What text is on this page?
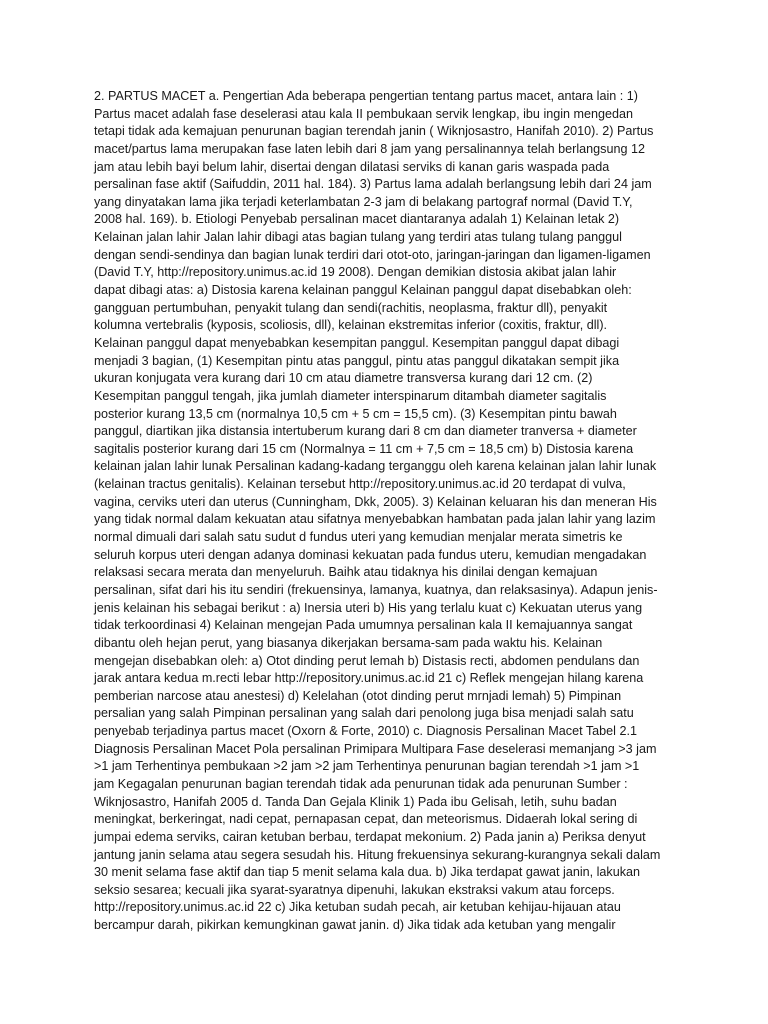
2. PARTUS MACET a. Pengertian Ada beberapa pengertian tentang partus macet, antara lain : 1)
Partus macet adalah fase deselerasi atau kala II pembukaan servik lengkap, ibu ingin mengedan
tetapi tidak ada kemajuan penurunan bagian terendah janin ( Wiknjosastro, Hanifah 2010). 2) Partus
macet/partus lama merupakan fase laten lebih dari 8 jam yang persalinannya telah berlangsung 12
jam atau lebih bayi belum lahir, disertai dengan dilatasi serviks di kanan garis waspada pada
persalinan fase aktif (Saifuddin, 2011 hal. 184). 3) Partus lama adalah berlangsung lebih dari 24 jam
yang dinyatakan lama jika terjadi keterlambatan 2-3 jam di belakang partograf normal (David T.Y,
2008 hal. 169). b. Etiologi Penyebab persalinan macet diantaranya adalah 1) Kelainan letak 2)
Kelainan jalan lahir Jalan lahir dibagi atas bagian tulang yang terdiri atas tulang tulang panggul
dengan sendi-sendinya dan bagian lunak terdiri dari otot-oto, jaringan-jaringan dan ligamen-ligamen
(David T.Y, http://repository.unimus.ac.id 19 2008). Dengan demikian distosia akibat jalan lahir
dapat dibagi atas: a) Distosia karena kelainan panggul Kelainan panggul dapat disebabkan oleh:
gangguan pertumbuhan, penyakit tulang dan sendi(rachitis, neoplasma, fraktur dll), penyakit
kolumna vertebralis (kyposis, scoliosis, dll), kelainan ekstremitas inferior (coxitis, fraktur, dll).
Kelainan panggul dapat menyebabkan kesempitan panggul. Kesempitan panggul dapat dibagi
menjadi 3 bagian, (1) Kesempitan pintu atas panggul, pintu atas panggul dikatakan sempit jika
ukuran konjugata vera kurang dari 10 cm atau diametre transversa kurang dari 12 cm. (2)
Kesempitan panggul tengah, jika jumlah diameter interspinarum ditambah diameter sagitalis
posterior kurang 13,5 cm (normalnya 10,5 cm + 5 cm = 15,5 cm). (3) Kesempitan pintu bawah
panggul, diartikan jika distansia intertuberum kurang dari 8 cm dan diameter tranversa + diameter
sagitalis posterior kurang dari 15 cm (Normalnya = 11 cm + 7,5 cm = 18,5 cm) b) Distosia karena
kelainan jalan lahir lunak Persalinan kadang-kadang terganggu oleh karena kelainan jalan lahir lunak
(kelainan tractus genitalis). Kelainan tersebut http://repository.unimus.ac.id 20 terdapat di vulva,
vagina, cerviks uteri dan uterus (Cunningham, Dkk, 2005). 3) Kelainan keluaran his dan meneran His
yang tidak normal dalam kekuatan atau sifatnya menyebabkan hambatan pada jalan lahir yang lazim
normal dimuali dari salah satu sudut d fundus uteri yang kemudian menjalar merata simetris ke
seluruh korpus uteri dengan adanya dominasi kekuatan pada fundus uteru, kemudian mengadakan
relaksasi secara merata dan menyeluruh. Baihk atau tidaknya his dinilai dengan kemajuan
persalinan, sifat dari his itu sendiri (frekuensinya, lamanya, kuatnya, dan relaksasinya). Adapun jenis-
jenis kelainan his sebagai berikut : a) Inersia uteri b) His yang terlalu kuat c) Kekuatan uterus yang
tidak terkoordinasi 4) Kelainan mengejan Pada umumnya persalinan kala II kemajuannya sangat
dibantu oleh hejan perut, yang biasanya dikerjakan bersama-sam pada waktu his. Kelainan
mengejan disebabkan oleh: a) Otot dinding perut lemah b) Distasis recti, abdomen pendulans dan
jarak antara kedua m.recti lebar http://repository.unimus.ac.id 21 c) Reflek mengejan hilang karena
pemberian narcose atau anestesi) d) Kelelahan (otot dinding perut mrnjadi lemah) 5) Pimpinan
persalian yang salah Pimpinan persalinan yang salah dari penolong juga bisa menjadi salah satu
penyebab terjadinya partus macet (Oxorn & Forte, 2010) c. Diagnosis Persalinan Macet Tabel 2.1
Diagnosis Persalinan Macet Pola persalinan Primipara Multipara Fase deselerasi memanjang >3 jam
>1 jam Terhentinya pembukaan >2 jam >2 jam Terhentinya penurunan bagian terendah >1 jam >1
jam Kegagalan penurunan bagian terendah tidak ada penurunan tidak ada penurunan Sumber :
Wiknjosastro, Hanifah 2005 d. Tanda Dan Gejala Klinik 1) Pada ibu Gelisah, letih, suhu badan
meningkat, berkeringat, nadi cepat, pernapasan cepat, dan meteorismus. Didaerah lokal sering di
jumpai edema serviks, cairan ketuban berbau, terdapat mekonium. 2) Pada janin a) Periksa denyut
jantung janin selama atau segera sesudah his. Hitung frekuensinya sekurang-kurangnya sekali dalam
30 menit selama fase aktif dan tiap 5 menit selama kala dua. b) Jika terdapat gawat janin, lakukan
seksio sesarea; kecuali jika syarat-syaratnya dipenuhi, lakukan ekstraksi vakum atau forceps.
http://repository.unimus.ac.id 22 c) Jika ketuban sudah pecah, air ketuban kehijau-hijauan atau
bercampur darah, pikirkan kemungkinan gawat janin. d) Jika tidak ada ketuban yang mengalir
